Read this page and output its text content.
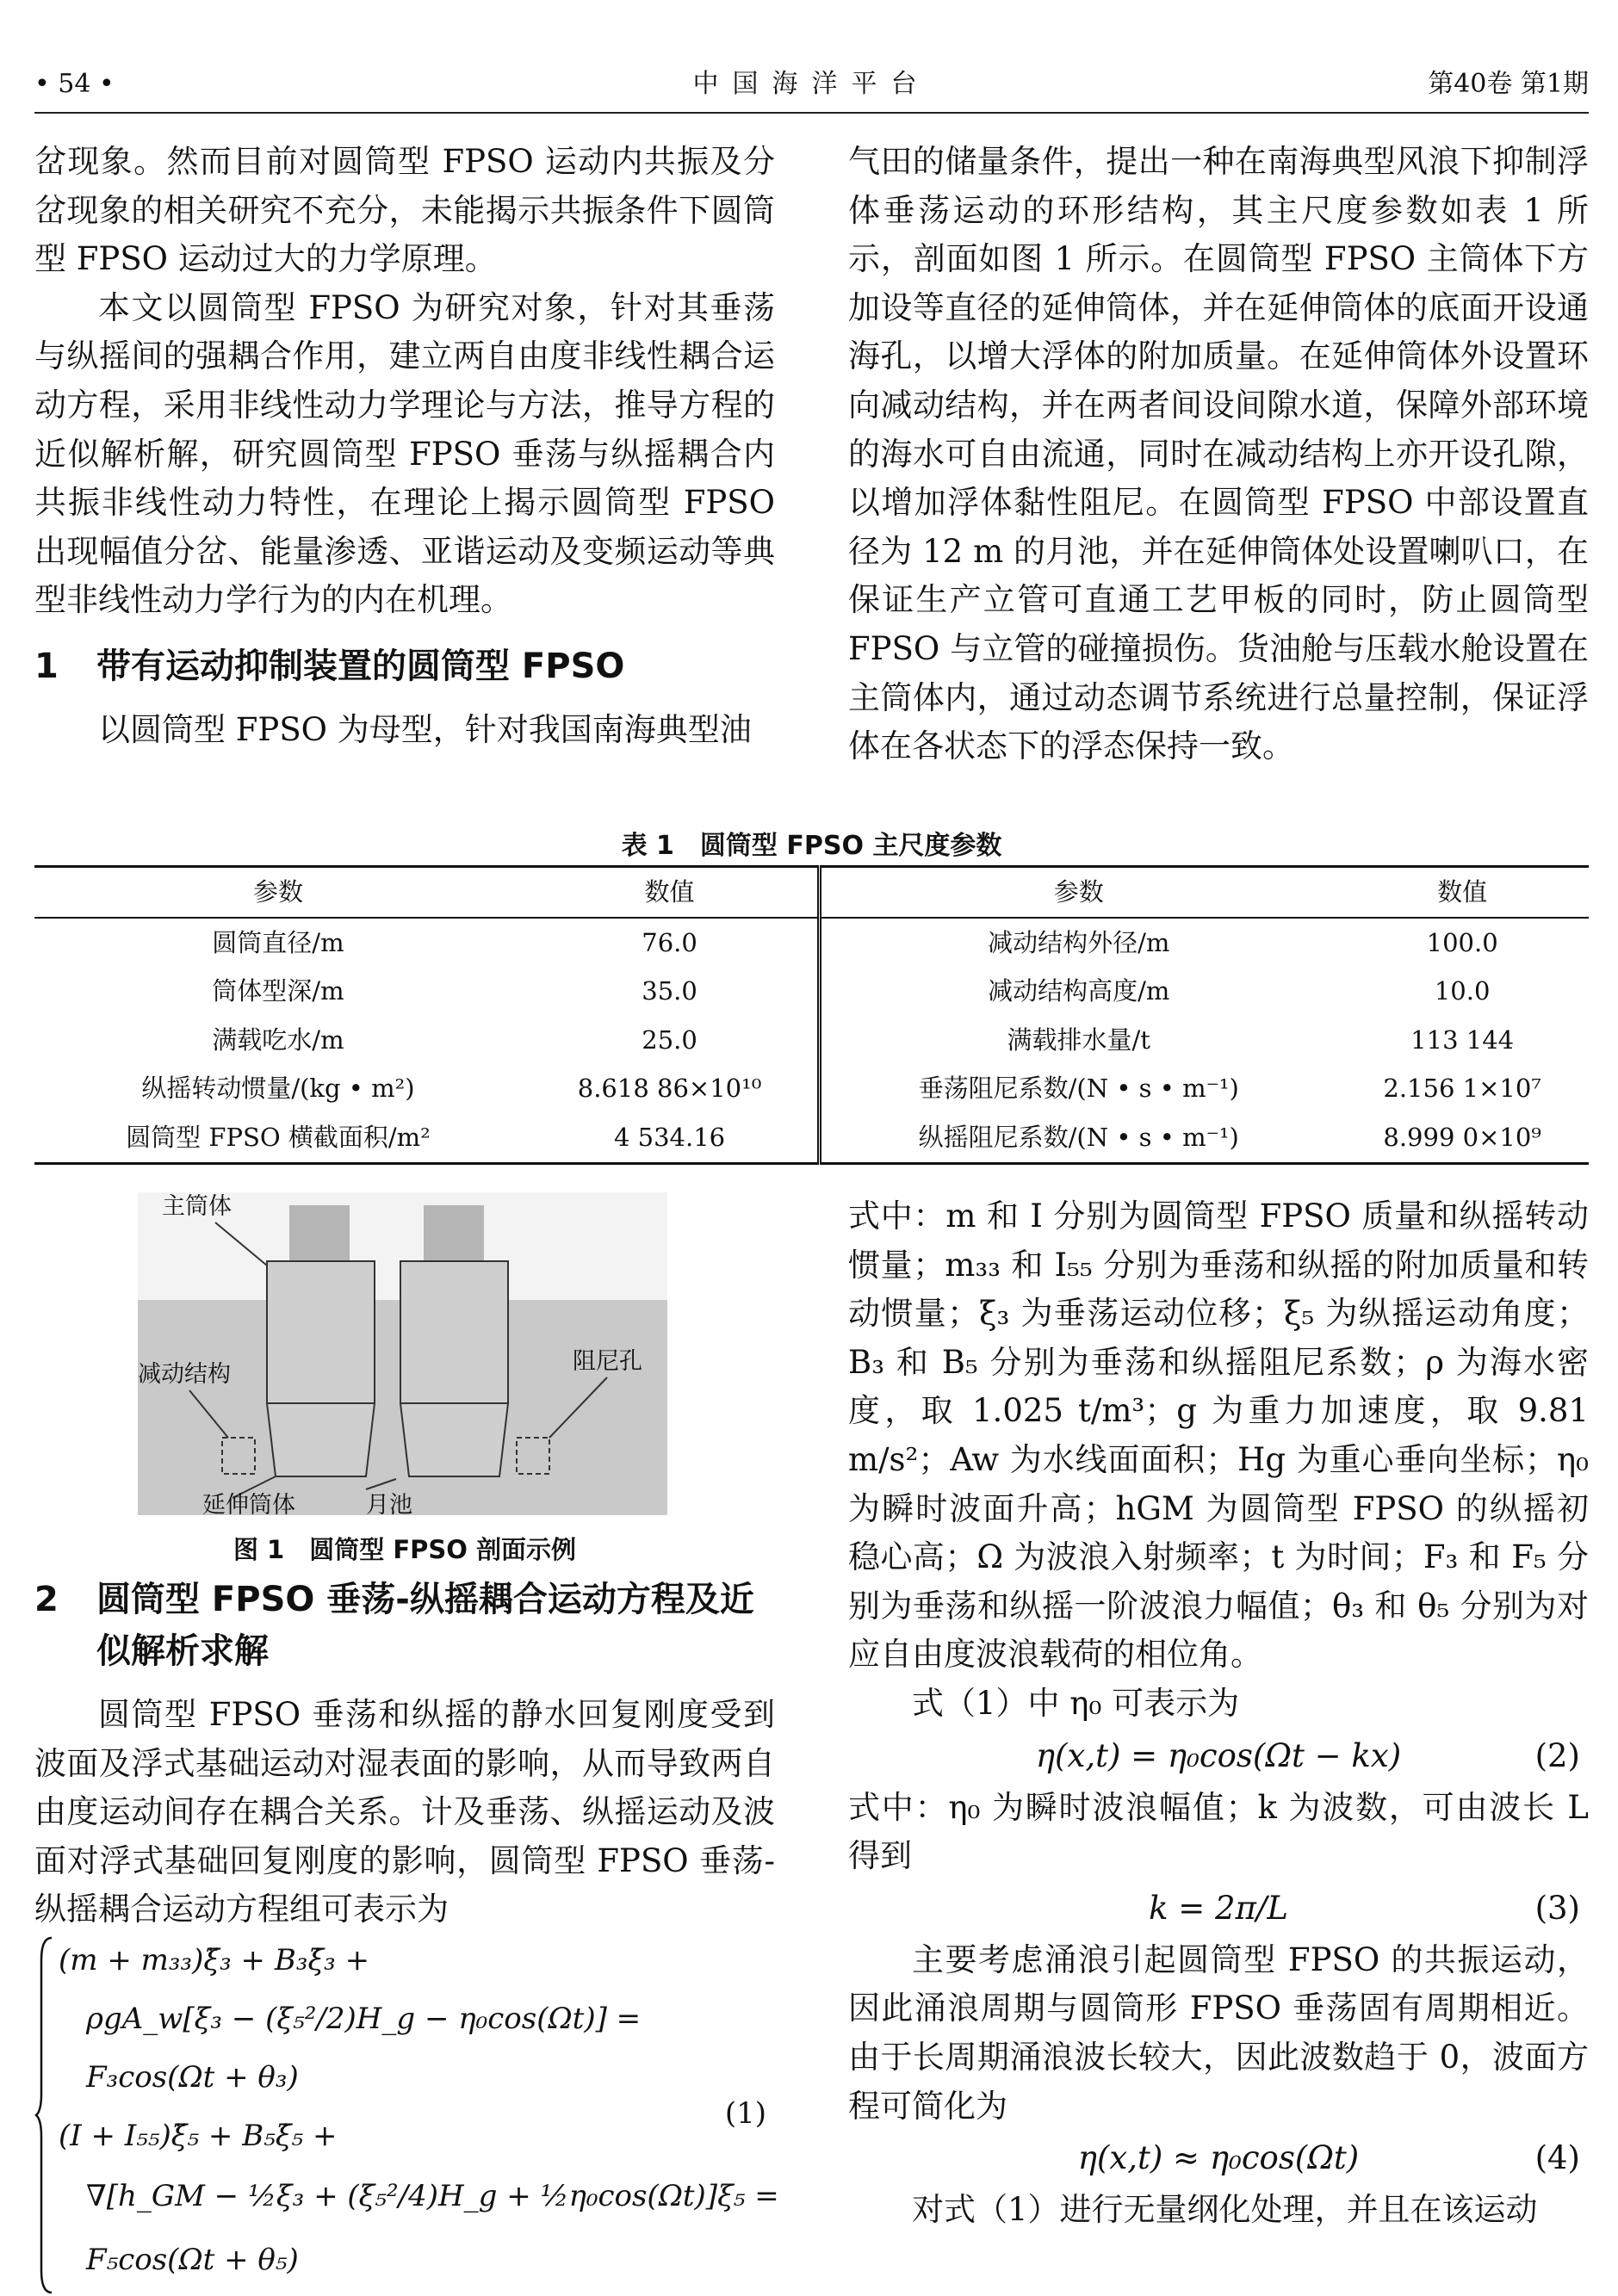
• 54 •	中国海洋平台	第40卷 第1期

岔现象。然而目前对圆筒型 FPSO 运动内共振及分岔现象的相关研究不充分，未能揭示共振条件下圆筒型 FPSO 运动过大的力学原理。

本文以圆筒型 FPSO 为研究对象，针对其垂荡与纵摇间的强耦合作用，建立两自由度非线性耦合运动方程，采用非线性动力学理论与方法，推导方程的近似解析解，研究圆筒型 FPSO 垂荡与纵摇耦合内共振非线性动力特性，在理论上揭示圆筒型 FPSO 出现幅值分岔、能量渗透、亚谐运动及变频运动等典型非线性动力学行为的内在机理。

1	带有运动抑制装置的圆筒型 FPSO

以圆筒型 FPSO 为母型，针对我国南海典型油

气田的储量条件，提出一种在南海典型风浪下抑制浮体垂荡运动的环形结构，其主尺度参数如表 1 所示，剖面如图 1 所示。在圆筒型 FPSO 主筒体下方加设等直径的延伸筒体，并在延伸筒体的底面开设通海孔，以增大浮体的附加质量。在延伸筒体外设置环向减动结构，并在两者间设间隙水道，保障外部环境的海水可自由流通，同时在减动结构上亦开设孔隙，以增加浮体黏性阻尼。在圆筒型 FPSO 中部设置直径为 12 m 的月池，并在延伸筒体处设置喇叭口，在保证生产立管可直通工艺甲板的同时，防止圆筒型 FPSO 与立管的碰撞损伤。货油舱与压载水舱设置在主筒体内，通过动态调节系统进行总量控制，保证浮体在各状态下的浮态保持一致。

表 1　圆筒型 FPSO 主尺度参数
参数	数值	参数	数值
圆筒直径/m	76.0	减动结构外径/m	100.0
筒体型深/m	35.0	减动结构高度/m	10.0
满载吃水/m	25.0	满载排水量/t	113 144
纵摇转动惯量/(kg • m²)	8.618 86×10¹⁰	垂荡阻尼系数/(N • s • m⁻¹)	2.156 1×10⁷
圆筒型 FPSO 横截面积/m²	4 534.16	纵摇阻尼系数/(N • s • m⁻¹)	8.999 0×10⁹
主筒体
减动结构	阻尼孔
延伸筒体	月池
图 1　圆筒型 FPSO 剖面示例
2	圆筒型 FPSO 垂荡-纵摇耦合运动方程及近似解析求解

圆筒型 FPSO 垂荡和纵摇的静水回复刚度受到波面及浮式基础运动对湿表面的影响，从而导致两自由度运动间存在耦合关系。计及垂荡、纵摇运动及波面对浮式基础回复刚度的影响，圆筒型 FPSO 垂荡-纵摇耦合运动方程组可表示为

(m + m₃₃)ξ̈₃ + B₃ξ̇₃ +
ρgA_w[ξ₃ − (ξ₅²/2)H_g − η₀cos(Ωt)] =
F₃cos(Ωt + θ₃)
(I + I₅₅)ξ̈₅ + B₅ξ̇₅ +
∇[h_GM − ½ξ₃ + (ξ₅²/4)H_g + ½η₀cos(Ωt)]ξ₅ =
F₅cos(Ωt + θ₅)
(1)

式中：m 和 I 分别为圆筒型 FPSO 质量和纵摇转动惯量；m₃₃ 和 I₅₅ 分别为垂荡和纵摇的附加质量和转动惯量；ξ₃ 为垂荡运动位移；ξ₅ 为纵摇运动角度；B₃ 和 B₅ 分别为垂荡和纵摇阻尼系数；ρ 为海水密度，取 1.025 t/m³；g 为重力加速度，取 9.81 m/s²；Aw 为水线面面积；Hg 为重心垂向坐标；η₀ 为瞬时波面升高；hGM 为圆筒型 FPSO 的纵摇初稳心高；Ω 为波浪入射频率；t 为时间；F₃ 和 F₅ 分别为垂荡和纵摇一阶波浪力幅值；θ₃ 和 θ₅ 分别为对应自由度波浪载荷的相位角。

式（1）中 η₀ 可表示为

η(x,t) = η₀cos(Ωt − kx)	(2)

式中：η₀ 为瞬时波浪幅值；k 为波数，可由波长 L 得到

k = 2π/L	(3)

主要考虑涌浪引起圆筒型 FPSO 的共振运动，因此涌浪周期与圆筒形 FPSO 垂荡固有周期相近。由于长周期涌浪波长较大，因此波数趋于 0，波面方程可简化为

η(x,t) ≈ η₀cos(Ωt)	(4)

对式（1）进行无量纲化处理，并且在该运动
